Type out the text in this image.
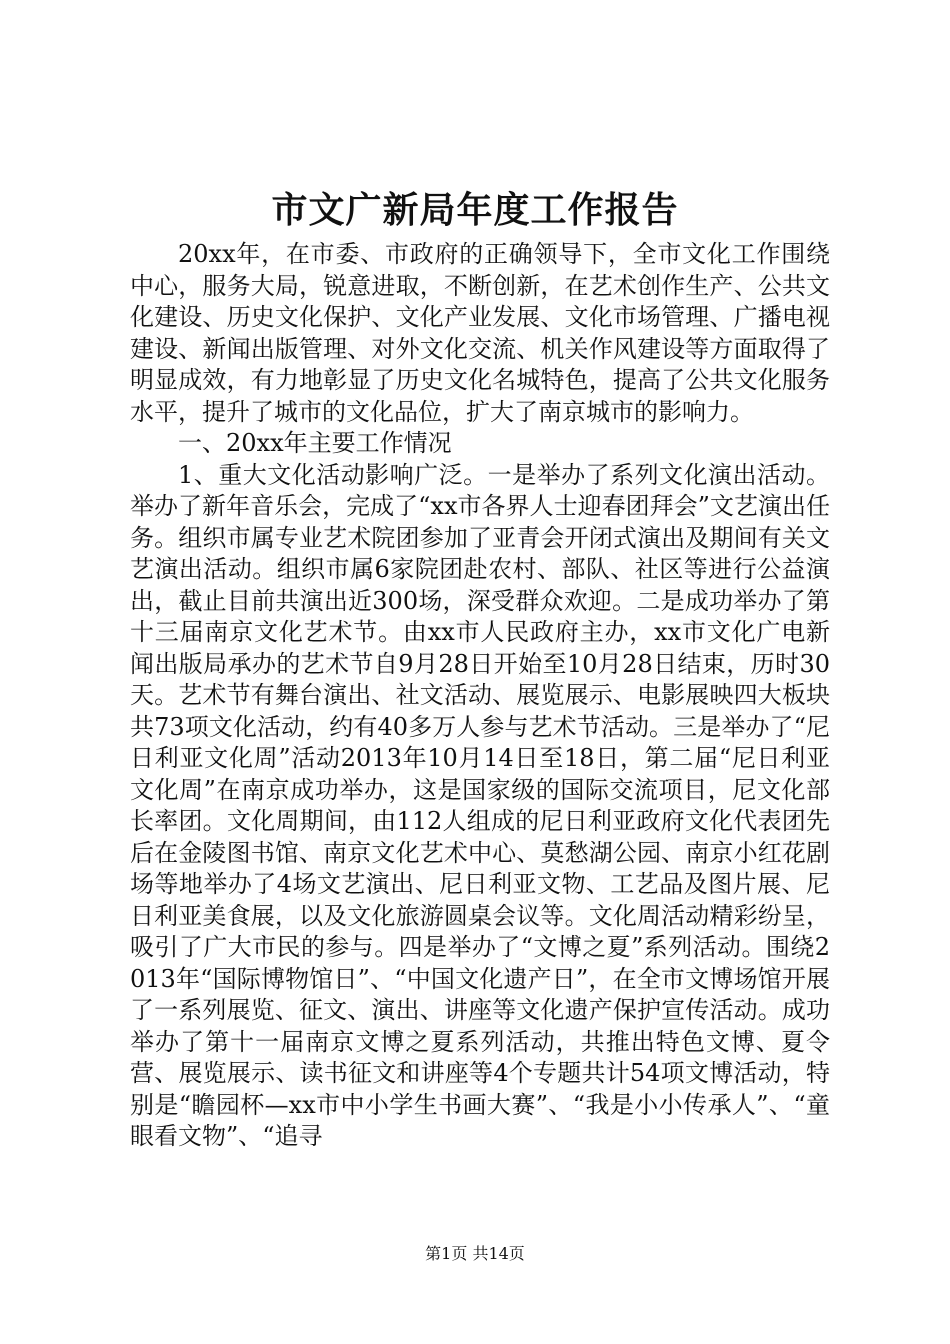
市文广新局年度工作报告

20xx年，在市委、市政府的正确领导下，全市文化工作围绕中心，服务大局，锐意进取，不断创新，在艺术创作生产、公共文化建设、历史文化保护、文化产业发展、文化市场管理、广播电视建设、新闻出版管理、对外文化交流、机关作风建设等方面取得了明显成效，有力地彰显了历史文化名城特色，提高了公共文化服务水平，提升了城市的文化品位，扩大了南京城市的影响力。

一、20xx年主要工作情况

1、重大文化活动影响广泛。一是举办了系列文化演出活动。举办了新年音乐会，完成了“xx市各界人士迎春团拜会”文艺演出任务。组织市属专业艺术院团参加了亚青会开闭式演出及期间有关文艺演出活动。组织市属6家院团赴农村、部队、社区等进行公益演出，截止目前共演出近300场，深受群众欢迎。二是成功举办了第十三届南京文化艺术节。由xx市人民政府主办，xx市文化广电新闻出版局承办的艺术节自9月28日开始至10月28日结束，历时30天。艺术节有舞台演出、社文活动、展览展示、电影展映四大板块共73项文化活动，约有40多万人参与艺术节活动。三是举办了“尼日利亚文化周”活动2013年10月14日至18日，第二届“尼日利亚文化周”在南京成功举办，这是国家级的国际交流项目，尼文化部长率团。文化周期间，由112人组成的尼日利亚政府文化代表团先后在金陵图书馆、南京文化艺术中心、莫愁湖公园、南京小红花剧场等地举办了4场文艺演出、尼日利亚文物、工艺品及图片展、尼日利亚美食展，以及文化旅游圆桌会议等。文化周活动精彩纷呈，吸引了广大市民的参与。四是举办了“文博之夏”系列活动。围绕2013年“国际博物馆日”、“中国文化遗产日”，在全市文博场馆开展了一系列展览、征文、演出、讲座等文化遗产保护宣传活动。成功举办了第十一届南京文博之夏系列活动，共推出特色文博、夏令营、展览展示、读书征文和讲座等4个专题共计54项文博活动，特别是“瞻园杯—xx市中小学生书画大赛”、“我是小小传承人”、“童眼看文物”、“追寻

第1页 共14页
